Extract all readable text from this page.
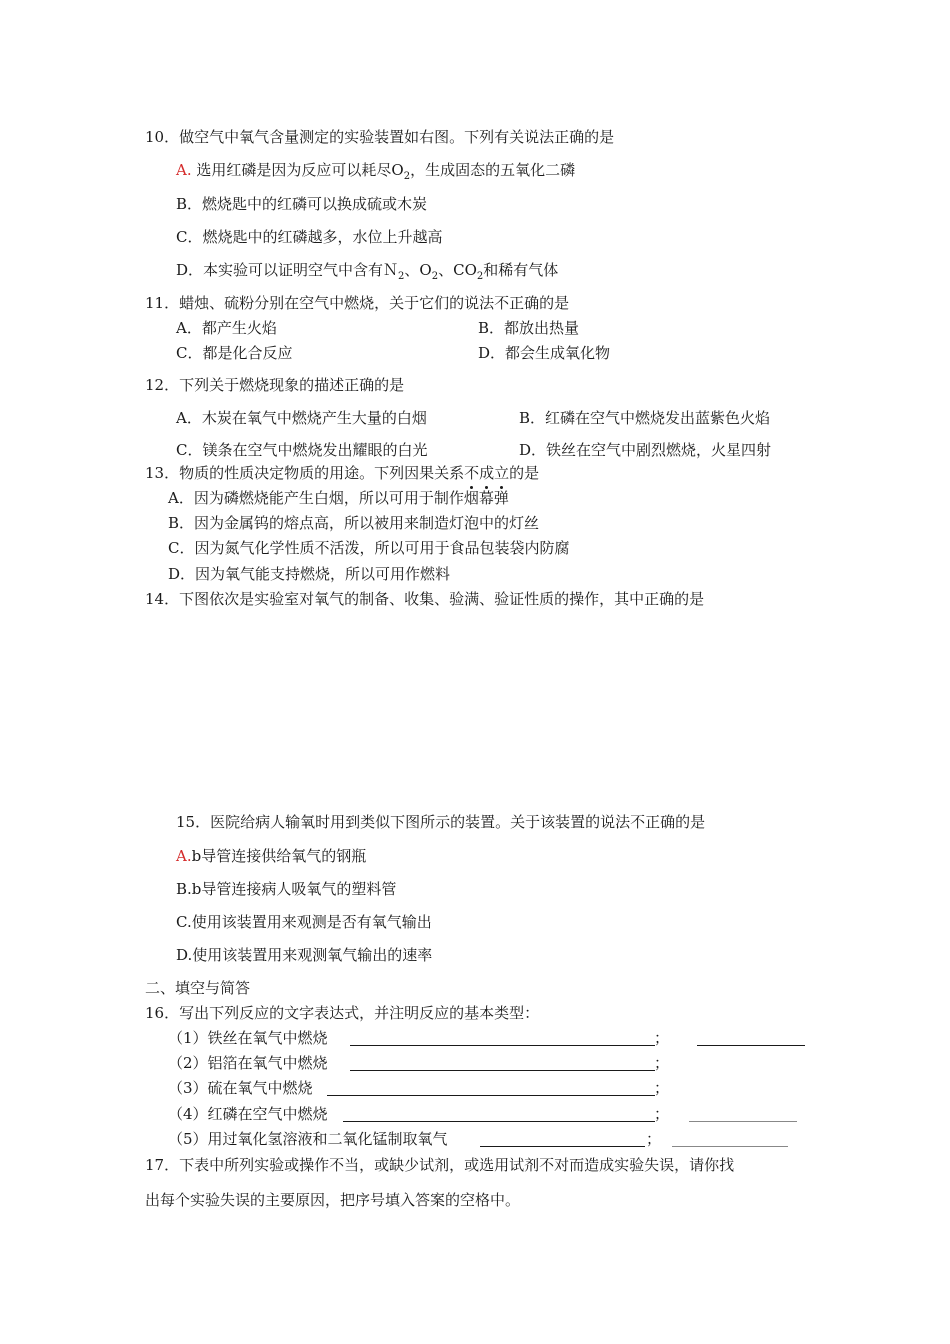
10．做空气中氧气含量测定的实验装置如右图。下列有关说法正确的是
A. 选用红磷是因为反应可以耗尽$O_2$，生成固态的五氧化二磷
B．燃烧匙中的红磷可以换成硫或木炭
C．燃烧匙中的红磷越多，水位上升越高
D．本实验可以证明空气中含有Ｎ$_2$、$O_2$、$CO_2$和稀有气体
11．蜡烛、硫粉分别在空气中燃烧，关于它们的说法不正确的是
A．都产生火焰	B．都放出热量
C．都是化合反应	D．都会生成氧化物
12．下列关于燃烧现象的描述正确的是
A．木炭在氧气中燃烧产生大量的白烟	B．红磷在空气中燃烧发出蓝紫色火焰
C．镁条在空气中燃烧发出耀眼的白光	D．铁丝在空气中剧烈燃烧，火星四射
13．物质的性质决定物质的用途。下列因果关系不成立的是
A．因为磷燃烧能产生白烟，所以可用于制作烟幕弹
B．因为金属钨的熔点高，所以被用来制造灯泡中的灯丝
C．因为氮气化学性质不活泼，所以可用于食品包装袋内防腐
D．因为氧气能支持燃烧，所以可用作燃料
14．下图依次是实验室对氧气的制备、收集、验满、验证性质的操作，其中正确的是
15．医院给病人输氧时用到类似下图所示的装置。关于该装置的说法不正确的是
A.b导管连接供给氧气的钢瓶
B.b导管连接病人吸氧气的塑料管
C.使用该装置用来观测是否有氧气输出
D.使用该装置用来观测氧气输出的速率
二、填空与简答
16．写出下列反应的文字表达式，并注明反应的基本类型：
（1）铁丝在氧气中燃烧	；
（2）铝箔在氧气中燃烧	；
（3）硫在氧气中燃烧	；
（4）红磷在空气中燃烧	；
（5）用过氧化氢溶液和二氧化锰制取氧气	；
17．下表中所列实验或操作不当，或缺少试剂，或选用试剂不对而造成实验失误，请你找
出每个实验失误的主要原因，把序号填入答案的空格中。
